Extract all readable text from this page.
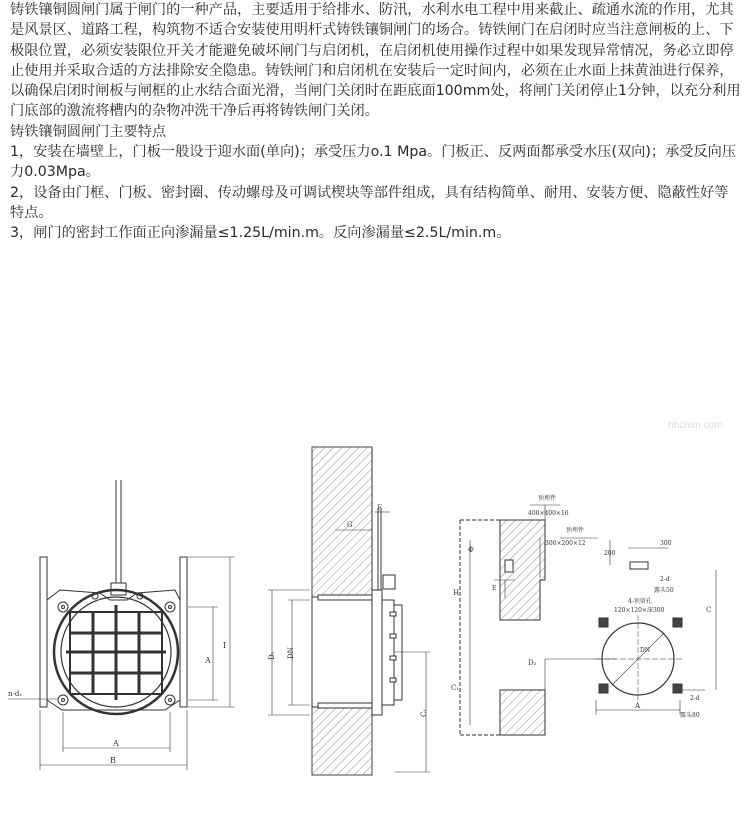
铸铁镶铜圆闸门属于闸门的一种产品，主要适用于给排水、防汛，水利水电工程中用来截止、疏通水流的作用，尤其是风景区、道路工程，构筑物不适合安装使用明杆式铸铁镶铜闸门的场合。铸铁闸门在启闭时应当注意闸板的上、下极限位置，必须安装限位开关才能避免破坏闸门与启闭机，在启闭机使用操作过程中如果发现异常情况，务必立即停止使用并采取合适的方法排除安全隐患。铸铁闸门和启闭机在安装后一定时间内，必须在止水面上抹黄油进行保养，以确保启闭时闸板与闸框的止水结合面光滑，当闸门关闭时在距底面100mm处，将闸门关闭停止1分钟，以充分利用门底部的激流将槽内的杂物冲洗干净后再将铸铁闸门关闭。

铸铁镶铜圆闸门主要特点

1，安装在墙壁上，门板一般设于迎水面(单向)；承受压力o.1 Mpa。门板正、反两面都承受水压(双向)；承受反向压力0.03Mpa。

2，设备由门框、门板、密封圈、传动螺母及可调试楔块等部件组成，具有结构简单、耐用、安装方便、隐蔽性好等特点。

3，闸门的密封工作面正向渗漏量≤1.25L/min.m。反向渗漏量≤2.5L/min.m。

hbzhan.com
n-d₁
A
B
A
I
D₁ DN
C₁
G
F
预埋件
400×400×16
预埋件
300×200×12
Φ
E
H
C₁
D₂
200
300
2-d
露头50
4-预留孔
120×120×深300
DN
C
A
2-d
露头80
